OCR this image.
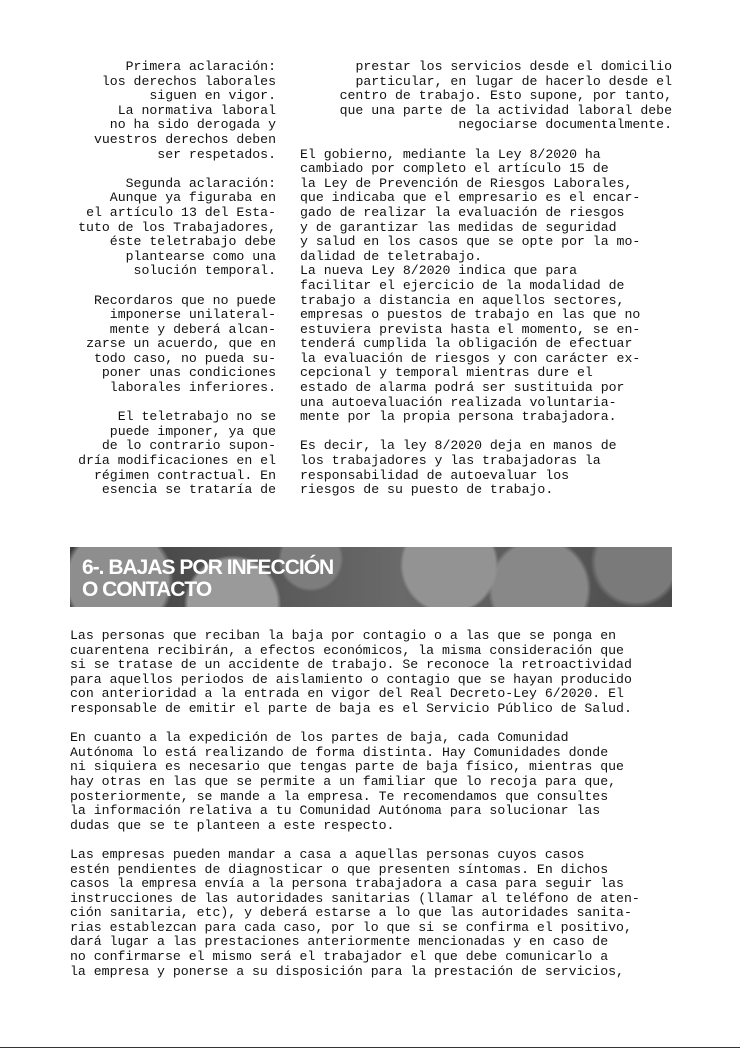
Primera aclaración:
los derechos laborales
siguen en vigor.
La normativa laboral
no ha sido derogada y
vuestros derechos deben
ser respetados.

Segunda aclaración:
Aunque ya figuraba en
el artículo 13 del Esta-
tuto de los Trabajadores,
éste teletrabajo debe
plantearse como una
solución temporal.

Recordaros que no puede
imponerse unilateral-
mente y deberá alcan-
zarse un acuerdo, que en
todo caso, no pueda su-
poner unas condiciones
laborales inferiores.

El teletrabajo no se
puede imponer, ya que
de lo contrario supon-
dría modificaciones en el
régimen contractual. En
esencia se trataría de

prestar los servicios desde el domicilio
particular, en lugar de hacerlo desde el
centro de trabajo. Esto supone, por tanto,
que una parte de la actividad laboral debe
negociarse documentalmente.

El gobierno, mediante la Ley 8/2020 ha
cambiado por completo el artículo 15 de
la Ley de Prevención de Riesgos Laborales,
que indicaba que el empresario es el encar-
gado de realizar la evaluación de riesgos
y de garantizar las medidas de seguridad
y salud en los casos que se opte por la mo-
dalidad de teletrabajo.

La nueva Ley 8/2020 indica que para
facilitar el ejercicio de la modalidad de
trabajo a distancia en aquellos sectores,
empresas o puestos de trabajo en las que no
estuviera prevista hasta el momento, se en-
tenderá cumplida la obligación de efectuar
la evaluación de riesgos y con carácter ex-
cepcional y temporal mientras dure el
estado de alarma podrá ser sustituida por
una autoevaluación realizada voluntaria-
mente por la propia persona trabajadora.

Es decir, la ley 8/2020 deja en manos de
los trabajadores y las trabajadoras la
responsabilidad de autoevaluar los
riesgos de su puesto de trabajo.

6-. BAJAS POR INFECCIÓN
O CONTACTO

Las personas que reciban la baja por contagio o a las que se ponga en
cuarentena recibirán, a efectos económicos, la misma consideración que
si se tratase de un accidente de trabajo. Se reconoce la retroactividad
para aquellos periodos de aislamiento o contagio que se hayan producido
con anterioridad a la entrada en vigor del Real Decreto-Ley 6/2020. El
responsable de emitir el parte de baja es el Servicio Público de Salud.

En cuanto a la expedición de los partes de baja, cada Comunidad
Autónoma lo está realizando de forma distinta. Hay Comunidades donde
ni siquiera es necesario que tengas parte de baja físico, mientras que
hay otras en las que se permite a un familiar que lo recoja para que,
posteriormente, se mande a la empresa. Te recomendamos que consultes
la información relativa a tu Comunidad Autónoma para solucionar las
dudas que se te planteen a este respecto.

Las empresas pueden mandar a casa a aquellas personas cuyos casos
estén pendientes de diagnosticar o que presenten síntomas. En dichos
casos la empresa envía a la persona trabajadora a casa para seguir las
instrucciones de las autoridades sanitarias (llamar al teléfono de aten-
ción sanitaria, etc), y deberá estarse a lo que las autoridades sanita-
rias establezcan para cada caso, por lo que si se confirma el positivo,
dará lugar a las prestaciones anteriormente mencionadas y en caso de
no confirmarse el mismo será el trabajador el que debe comunicarlo a
la empresa y ponerse a su disposición para la prestación de servicios,
